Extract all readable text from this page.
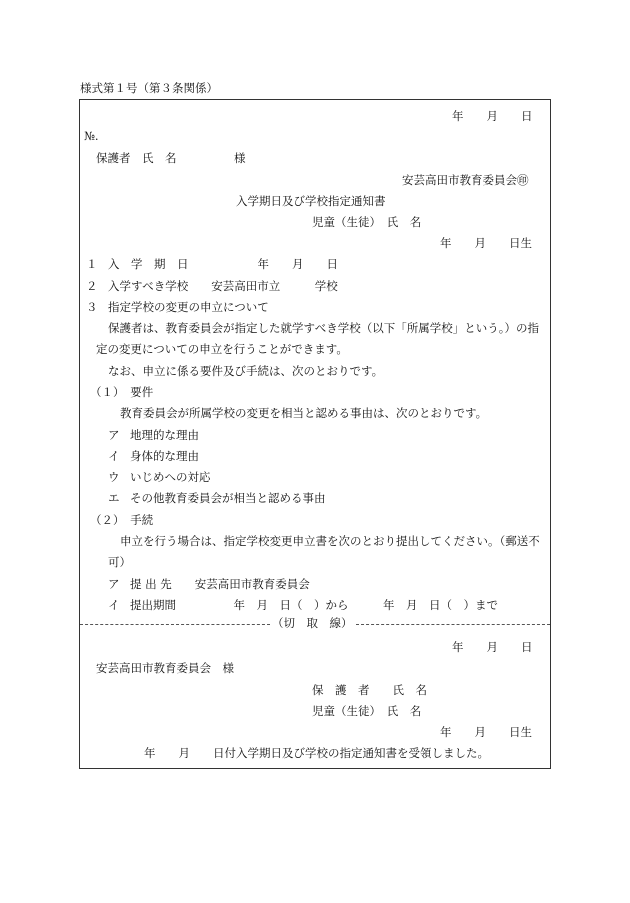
様式第１号（第３条関係）
年　　月　　日
№.
保護者　氏　名　　　　　様
安芸高田市教育委員会㊞
入学期日及び学校指定通知書
児童（生徒）　氏　名
年　　月　　日生
１ 入　学　期　日　　　　　　年　　月　　日
２ 入学すべき学校　　安芸高田市立　　　学校
３ 指定学校の変更の申立について
保護者は、教育委員会が指定した就学すべき学校（以下「所属学校」という。）の指
定の変更についての申立を行うことができます。
なお、申立に係る要件及び手続は、次のとおりです。
（１）　要件
教育委員会が所属学校の変更を相当と認める事由は、次のとおりです。
ア 地理的な理由
イ 身体的な理由
ウ いじめへの対応
エ その他教育委員会が相当と認める事由
（２）　手続
申立を行う場合は、指定学校変更申立書を次のとおり提出してください。（郵送不
可）
ア 提 出 先　　安芸高田市教育委員会
イ 提出期間　　　　　年　月　日（　）から　　　年　月　日（　）まで
（切　取　線）
年　　月　　日
安芸高田市教育委員会　様
保　護　者　　氏　名
児童（生徒）　氏　名
年　　月　　日生
年　　月　　日付入学期日及び学校の指定通知書を受領しました。
